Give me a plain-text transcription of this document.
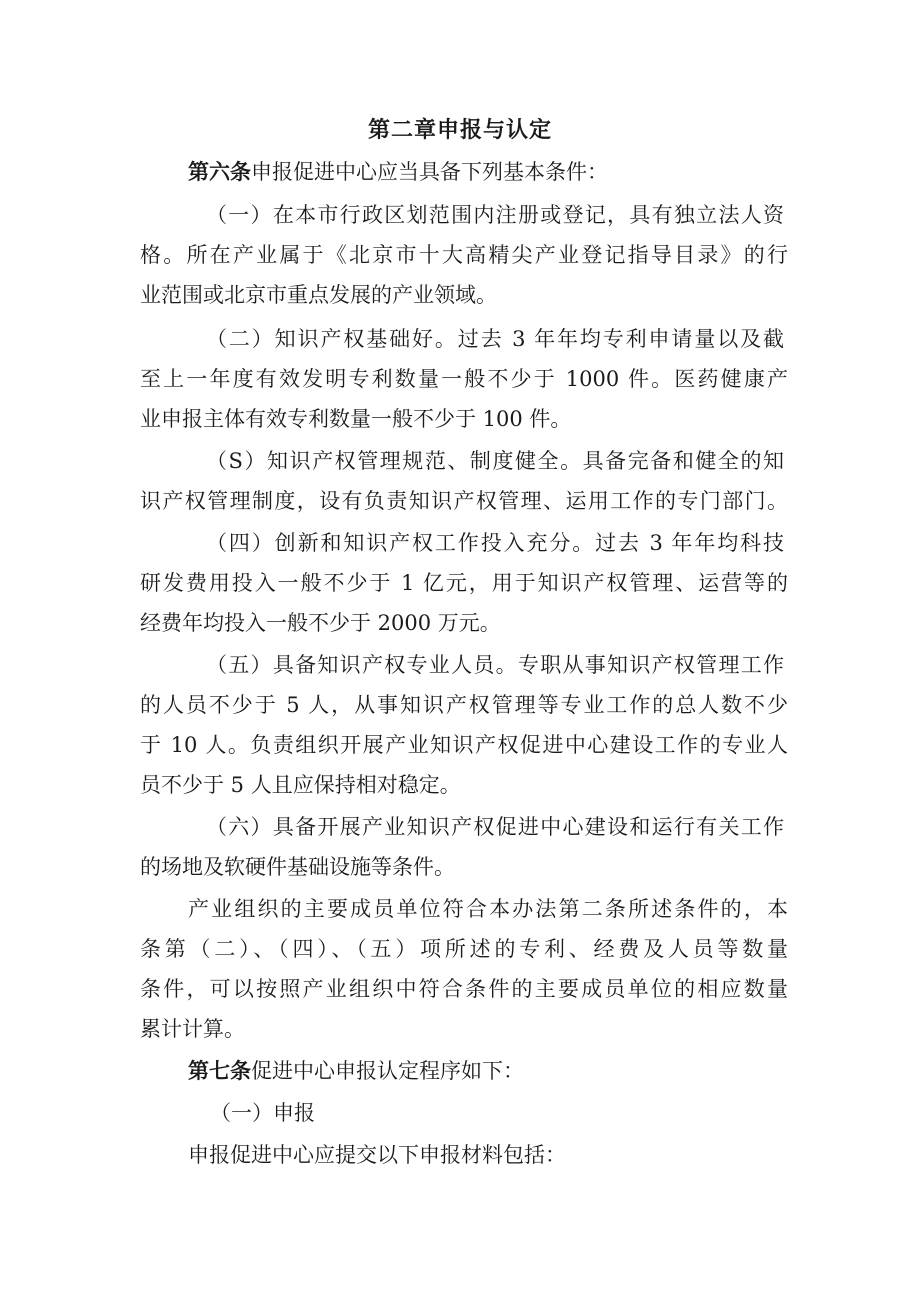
第二章申报与认定

第六条申报促进中心应当具备下列基本条件：

（一）在本市行政区划范围内注册或登记，具有独立法人资

格。所在产业属于《北京市十大高精尖产业登记指导目录》的行

业范围或北京市重点发展的产业领域。

（二）知识产权基础好。过去 3 年年均专利申请量以及截

至上一年度有效发明专利数量一般不少于 1000 件。医药健康产

业申报主体有效专利数量一般不少于 100 件。

（S）知识产权管理规范、制度健全。具备完备和健全的知

识产权管理制度，设有负责知识产权管理、运用工作的专门部门。

（四）创新和知识产权工作投入充分。过去 3 年年均科技

研发费用投入一般不少于 1 亿元，用于知识产权管理、运营等的

经费年均投入一般不少于 2000 万元。

（五）具备知识产权专业人员。专职从事知识产权管理工作

的人员不少于 5 人，从事知识产权管理等专业工作的总人数不少

于 10 人。负责组织开展产业知识产权促进中心建设工作的专业人

员不少于 5 人且应保持相对稳定。

（六）具备开展产业知识产权促进中心建设和运行有关工作

的场地及软硬件基础设施等条件。

产业组织的主要成员单位符合本办法第二条所述条件的，本

条第（二）、（四）、（五）项所述的专利、经费及人员等数量

条件，可以按照产业组织中符合条件的主要成员单位的相应数量

累计计算。

第七条促进中心申报认定程序如下：

（一）申报

申报促进中心应提交以下申报材料包括：
